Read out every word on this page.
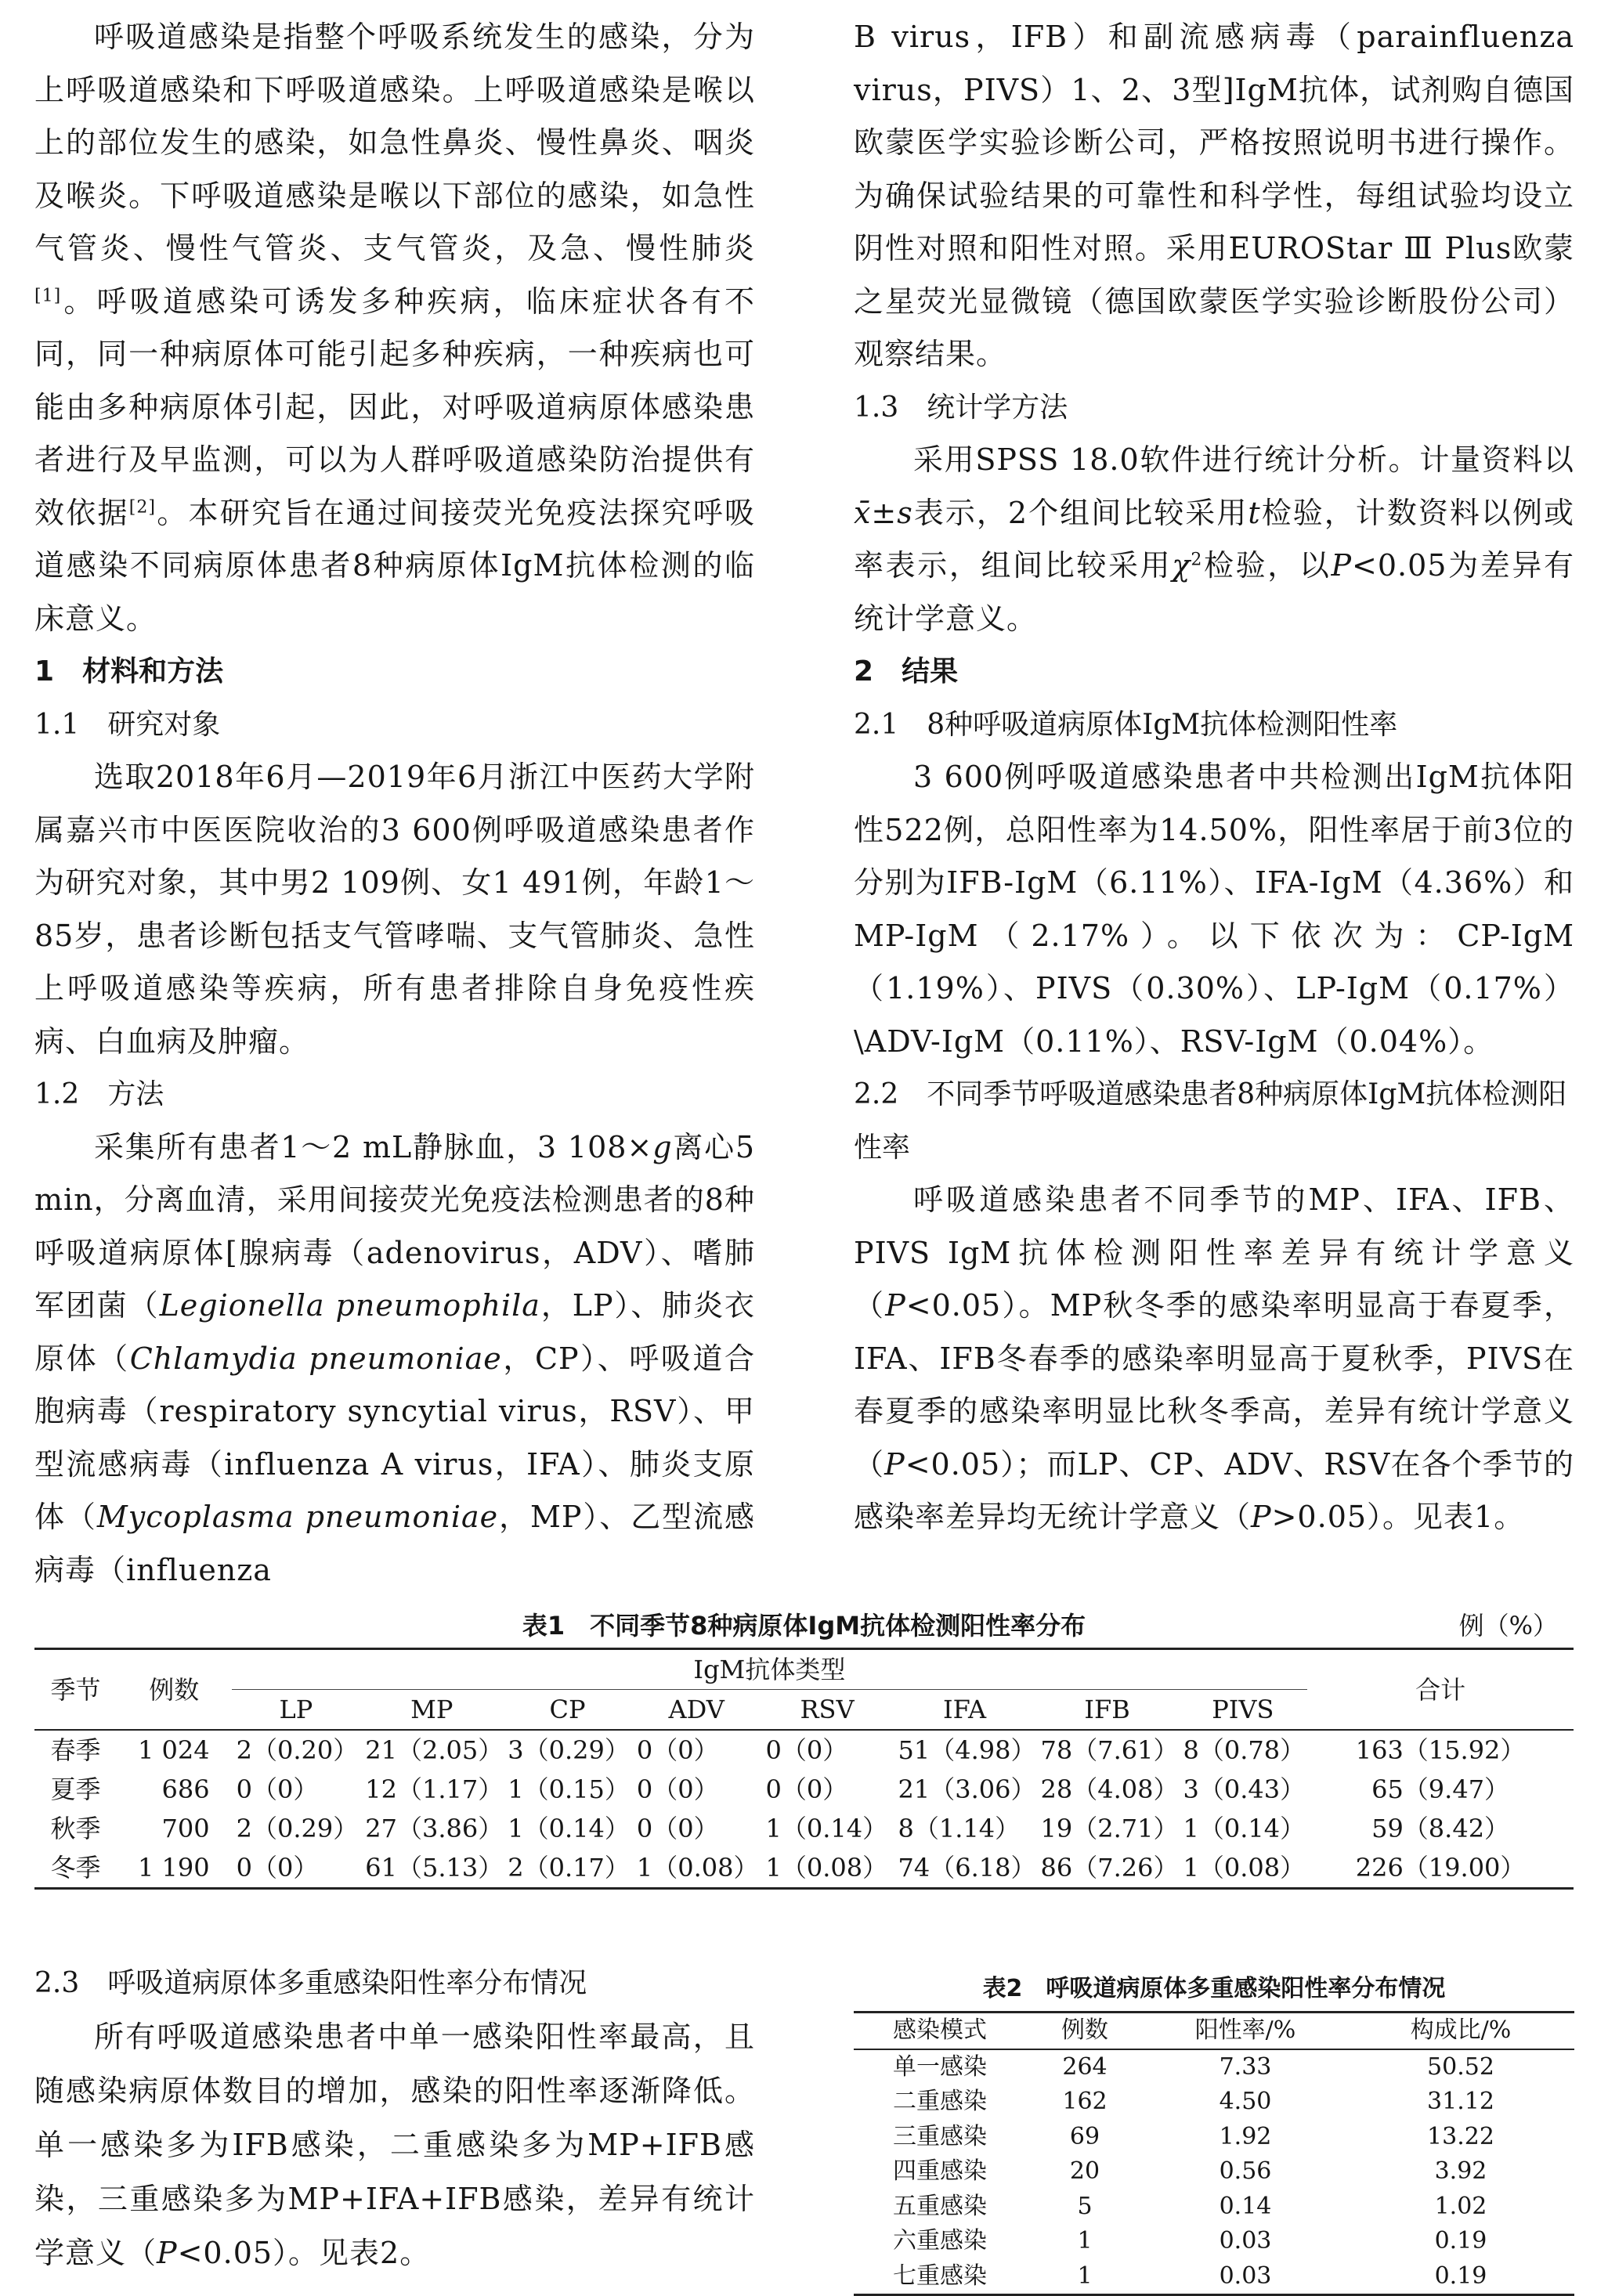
呼吸道感染是指整个呼吸系统发生的感染，分为上呼吸道感染和下呼吸道感染。上呼吸道感染是喉以上的部位发生的感染，如急性鼻炎、慢性鼻炎、咽炎及喉炎。下呼吸道感染是喉以下部位的感染，如急性气管炎、慢性气管炎、支气管炎，及急、慢性肺炎[1]。呼吸道感染可诱发多种疾病，临床症状各有不同，同一种病原体可能引起多种疾病，一种疾病也可能由多种病原体引起，因此，对呼吸道病原体感染患者进行及早监测，可以为人群呼吸道感染防治提供有效依据[2]。本研究旨在通过间接荧光免疫法探究呼吸道感染不同病原体患者8种病原体IgM抗体检测的临床意义。

1　 材料和方法
1.1 研究对象

选取2018年6月—2019年6月浙江中医药大学附属嘉兴市中医医院收治的3 600例呼吸道感染患者作为研究对象，其中男2 109例、女1 491例，年龄1～85岁，患者诊断包括支气管哮喘、支气管肺炎、急性上呼吸道感染等疾病，所有患者排除自身免疫性疾病、白血病及肿瘤。

1.2 方法

采集所有患者1～2 mL静脉血，3 108×g离心5 min，分离血清，采用间接荧光免疫法检测患者的8种呼吸道病原体[腺病毒（adenovirus，ADV）、嗜肺军团菌（Legionella pneumophila，LP）、肺炎衣原体（Chlamydia pneumoniae，CP）、呼吸道合胞病毒（respiratory syncytial virus，RSV）、甲型流感病毒（influenza A virus，IFA）、肺炎支原体（Mycoplasma pneumoniae，MP）、乙型流感病毒（influenza

B virus，IFB）和副流感病毒（parainfluenza virus，PIVS）1、2、3型]IgM抗体，试剂购自德国欧蒙医学实验诊断公司，严格按照说明书进行操作。为确保试验结果的可靠性和科学性，每组试验均设立阴性对照和阳性对照。采用EUROStar Ⅲ Plus欧蒙之星荧光显微镜（德国欧蒙医学实验诊断股份公司）观察结果。

1.3 统计学方法

采用SPSS 18.0软件进行统计分析。计量资料以x̄±s表示，2个组间比较采用t检验，计数资料以例或率表示，组间比较采用$\chi^2$检验，以P<0.05为差异有统计学意义。

2　 结果
2.1 8种呼吸道病原体IgM抗体检测阳性率

3 600例呼吸道感染患者中共检测出IgM抗体阳性522例，总阳性率为14.50%，阳性率居于前3位的分别为IFB-IgM（6.11%）、IFA-IgM（4.36%）和MP-IgM（2.17%）。以下依次为：CP-IgM（1.19%）、PIVS（0.30%）、LP-IgM（0.17%）\ADV-IgM（0.11%）、RSV-IgM（0.04%）。

2.2 不同季节呼吸道感染患者8种病原体IgM抗体检测阳性率

呼吸道感染患者不同季节的MP、IFA、IFB、PIVS IgM抗体检测阳性率差异有统计学意义（P<0.05）。MP秋冬季的感染率明显高于春夏季，IFA、IFB冬春季的感染率明显高于夏秋季，PIVS在春夏季的感染率明显比秋冬季高，差异有统计学意义（P<0.05）；而LP、CP、ADV、RSV在各个季节的感染率差异均无统计学意义（P>0.05）。见表1。

表1　不同季节8种病原体IgM抗体检测阳性率分布	例（%）
季节	例数	IgM抗体类型								合计
		LP	MP	CP	ADV	RSV	IFA	IFB	PIVS	
春季	1 024	2（0.20）	21（2.05）	3（0.29）	0（0）	0（0）	51（4.98）	78（7.61）	8（0.78）	163（15.92）
夏季	686	0（0）	12（1.17）	1（0.15）	0（0）	0（0）	21（3.06）	28（4.08）	3（0.43）	65（9.47）
秋季	700	2（0.29）	27（3.86）	1（0.14）	0（0）	1（0.14）	8（1.14）	19（2.71）	1（0.14）	59（8.42）
冬季	1 190	0（0）	61（5.13）	2（0.17）	1（0.08）	1（0.08）	74（6.18）	86（7.26）	1（0.08）	226（19.00）
2.3 呼吸道病原体多重感染阳性率分布情况

所有呼吸道感染患者中单一感染阳性率最高，且随感染病原体数目的增加，感染的阳性率逐渐降低。单一感染多为IFB感染，二重感染多为MP+IFB感染，三重感染多为MP+IFA+IFB感染，差异有统计学意义（P<0.05）。见表2。

表2　呼吸道病原体多重感染阳性率分布情况
感染模式	例数	阳性率/%	构成比/%
单一感染	264	7.33	50.52
二重感染	162	4.50	31.12
三重感染	69	1.92	13.22
四重感染	20	0.56	3.92
五重感染	5	0.14	1.02
六重感染	1	0.03	0.19
七重感染	1	0.03	0.19
